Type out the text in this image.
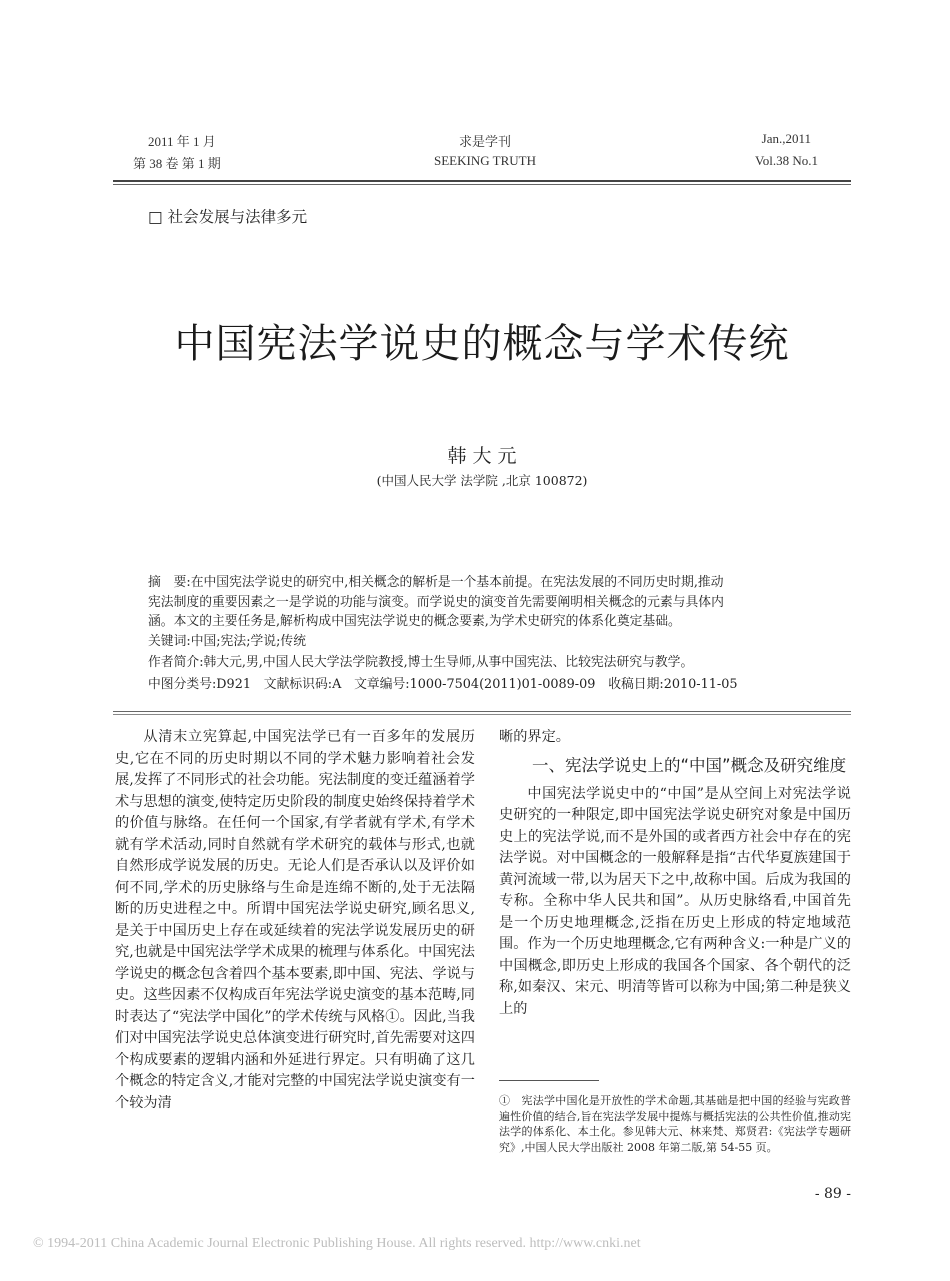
2011 年 1 月
第 38 卷 第 1 期
求是学刊
SEEKING TRUTH
Jan.,2011
Vol.38 No.1
□ 社会发展与法律多元
中国宪法学说史的概念与学术传统
韩 大 元
(中国人民大学 法学院 ,北京 100872)
摘　要:在中国宪法学说史的研究中,相关概念的解析是一个基本前提。在宪法发展的不同历史时期,推动
宪法制度的重要因素之一是学说的功能与演变。而学说史的演变首先需要阐明相关概念的元素与具体内
涵。本文的主要任务是,解析构成中国宪法学说史的概念要素,为学术史研究的体系化奠定基础。
关键词:中国;宪法;学说;传统
作者简介:韩大元,男,中国人民大学法学院教授,博士生导师,从事中国宪法、比较宪法研究与教学。
中图分类号:D921　文献标识码:A　文章编号:1000-7504(2011)01-0089-09　收稿日期:2010-11-05

从清末立宪算起,中国宪法学已有一百多年的发展历史,它在不同的历史时期以不同的学术魅力影响着社会发展,发挥了不同形式的社会功能。宪法制度的变迁蕴涵着学术与思想的演变,使特定历史阶段的制度史始终保持着学术的价值与脉络。在任何一个国家,有学者就有学术,有学术就有学术活动,同时自然就有学术研究的载体与形式,也就自然形成学说发展的历史。无论人们是否承认以及评价如何不同,学术的历史脉络与生命是连绵不断的,处于无法隔断的历史进程之中。所谓中国宪法学说史研究,顾名思义,是关于中国历史上存在或延续着的宪法学说发展历史的研究,也就是中国宪法学学术成果的梳理与体系化。中国宪法学说史的概念包含着四个基本要素,即中国、宪法、学说与史。这些因素不仅构成百年宪法学说史演变的基本范畴,同时表达了“宪法学中国化”的学术传统与风格①。因此,当我们对中国宪法学说史总体演变进行研究时,首先需要对这四个构成要素的逻辑内涵和外延进行界定。只有明确了这几个概念的特定含义,才能对完整的中国宪法学说史演变有一个较为清

晰的界定。

一、宪法学说史上的“中国”概念及研究维度

中国宪法学说史中的“中国”是从空间上对宪法学说史研究的一种限定,即中国宪法学说史研究对象是中国历史上的宪法学说,而不是外国的或者西方社会中存在的宪法学说。对中国概念的一般解释是指“古代华夏族建国于黄河流域一带,以为居天下之中,故称中国。后成为我国的专称。全称中华人民共和国”。从历史脉络看,中国首先是一个历史地理概念,泛指在历史上形成的特定地域范围。作为一个历史地理概念,它有两种含义:一种是广义的中国概念,即历史上形成的我国各个国家、各个朝代的泛称,如秦汉、宋元、明清等皆可以称为中国;第二种是狭义上的

①　宪法学中国化是开放性的学术命题,其基础是把中国的经验与宪政普遍性价值的结合,旨在宪法学发展中提炼与概括宪法的公共性价值,推动宪法学的体系化、本土化。参见韩大元、林来梵、郑贤君:《宪法学专题研究》,中国人民大学出版社 2008 年第二版,第 54-55 页。
- 89 -
© 1994-2011 China Academic Journal Electronic Publishing House. All rights reserved. http://www.cnki.net
